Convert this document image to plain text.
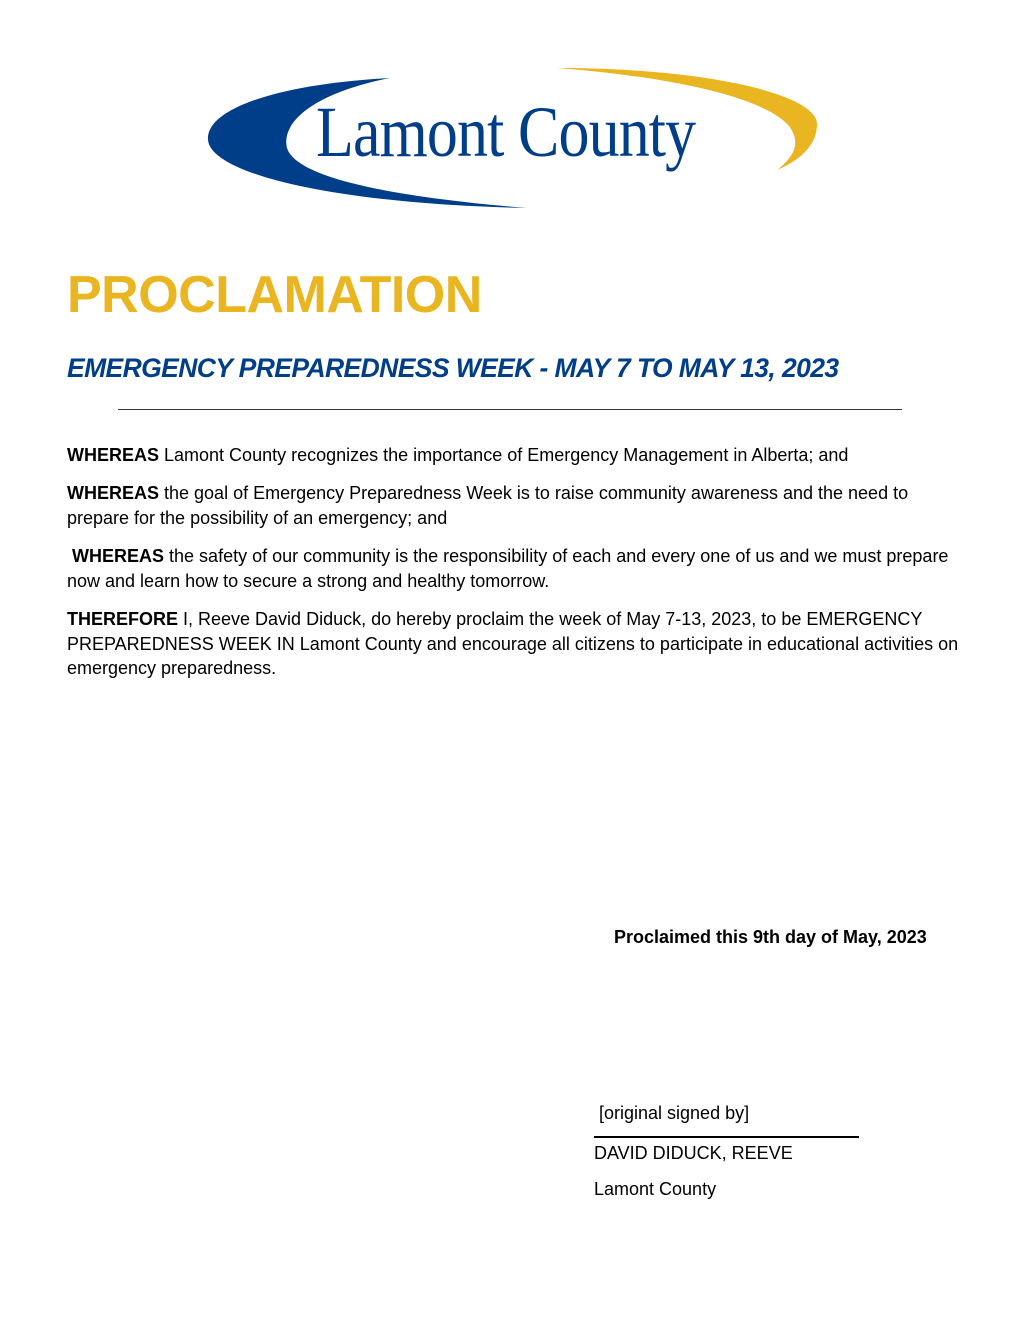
Lamont County
PROCLAMATION
EMERGENCY PREPAREDNESS WEEK - MAY 7 TO MAY 13, 2023

WHEREAS Lamont County recognizes the importance of Emergency Management in Alberta; and

WHEREAS the goal of Emergency Preparedness Week is to raise community awareness and the need to prepare for the possibility of an emergency; and

WHEREAS the safety of our community is the responsibility of each and every one of us and we must prepare now and learn how to secure a strong and healthy tomorrow.

THEREFORE I, Reeve David Diduck, do hereby proclaim the week of May 7-13, 2023, to be EMERGENCY PREPAREDNESS WEEK IN Lamont County and encourage all citizens to participate in educational activities on emergency preparedness.

Proclaimed this 9th day of May, 2023

[original signed by]

DAVID DIDUCK, REEVE

Lamont County
